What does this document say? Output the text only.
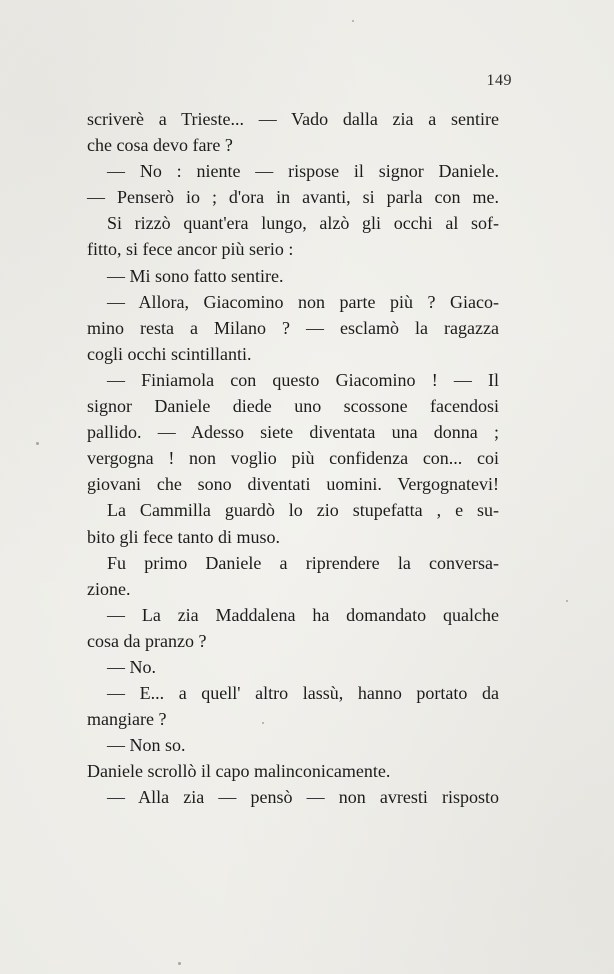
149
scriverè a Trieste... — Vado dalla zia a sentire
che cosa devo fare ?
— No : niente — rispose il signor Daniele.
— Penserò io ; d'ora in avanti, si parla con me.
Si rizzò quant'era lungo, alzò gli occhi al sof-
fitto, si fece ancor più serio :
— Mi sono fatto sentire.
— Allora, Giacomino non parte più ? Giaco-
mino resta a Milano ? — esclamò la ragazza
cogli occhi scintillanti.
— Finiamola con questo Giacomino ! — Il
signor Daniele diede uno scossone facendosi
pallido. — Adesso siete diventata una donna ;
vergogna ! non voglio più confidenza con... coi
giovani che sono diventati uomini. Vergognatevi!
La Cammilla guardò lo zio stupefatta , e su-
bito gli fece tanto di muso.
Fu primo Daniele a riprendere la conversa-
zione.
— La zia Maddalena ha domandato qualche
cosa da pranzo ?
— No.
— E... a quell' altro lassù, hanno portato da
mangiare ?
— Non so.
Daniele scrollò il capo malinconicamente.
— Alla zia — pensò — non avresti risposto
